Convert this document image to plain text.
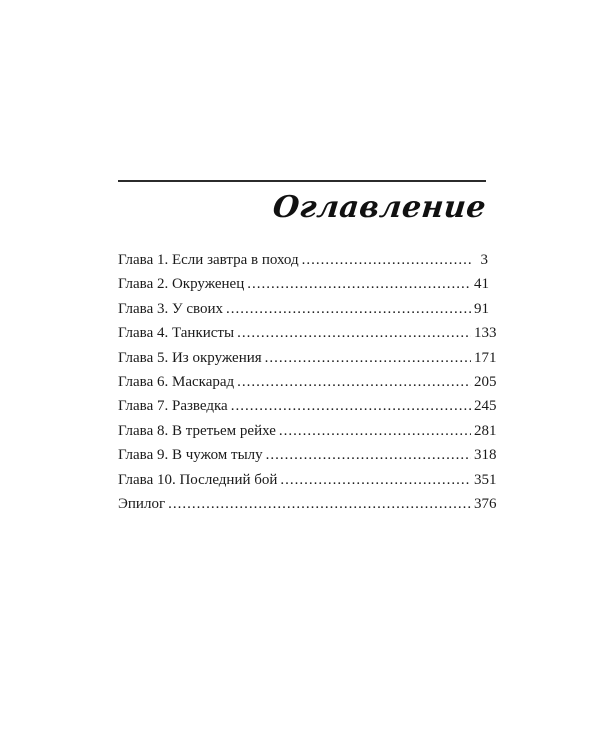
Оглавление
Глава 1. Если завтра в поход .....	3
Глава 2. Окруженец .....	41
Глава 3. У своих .....	91
Глава 4. Танкисты .....	133
Глава 5. Из окружения .....	171
Глава 6. Маскарад .....	205
Глава 7. Разведка .....	245
Глава 8. В третьем рейхе .....	281
Глава 9. В чужом тылу .....	318
Глава 10. Последний бой .....	351
Эпилог .....	376
